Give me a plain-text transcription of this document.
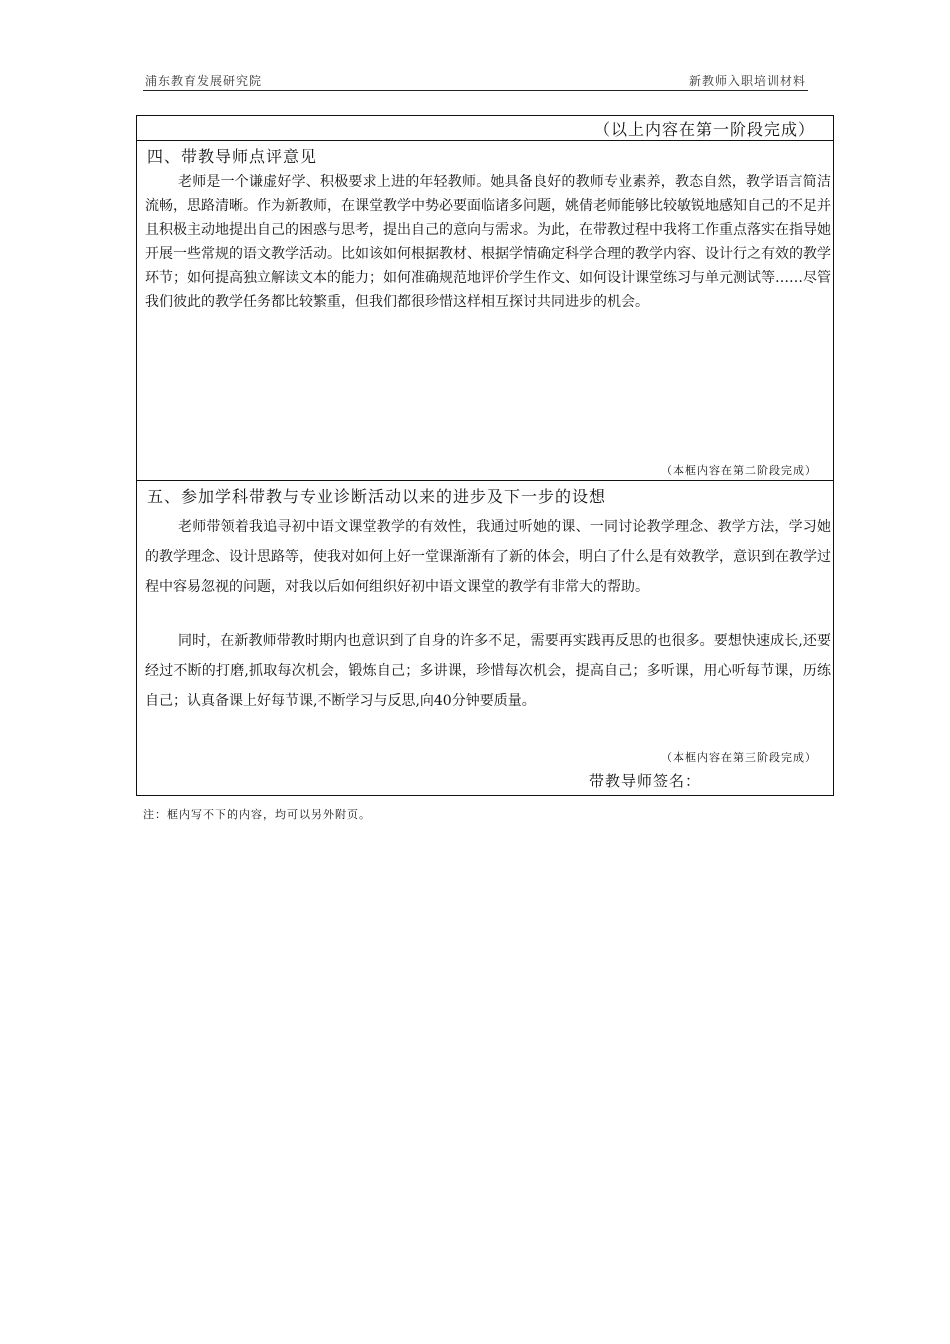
浦东教育发展研究院	新教师入职培训材料
（以上内容在第一阶段完成）
四、带教导师点评意见

老师是一个谦虚好学、积极要求上进的年轻教师。她具备良好的教师专业素养，教态自然，教学语言简洁流畅，思路清晰。作为新教师，在课堂教学中势必要面临诸多问题，姚倩老师能够比较敏锐地感知自己的不足并且积极主动地提出自己的困惑与思考，提出自己的意向与需求。为此，在带教过程中我将工作重点落实在指导她开展一些常规的语文教学活动。比如该如何根据教材、根据学情确定科学合理的教学内容、设计行之有效的教学环节；如何提高独立解读文本的能力；如何准确规范地评价学生作文、如何设计课堂练习与单元测试等……尽管我们彼此的教学任务都比较繁重，但我们都很珍惜这样相互探讨共同进步的机会。

（本框内容在第二阶段完成）
五、参加学科带教与专业诊断活动以来的进步及下一步的设想

老师带领着我追寻初中语文课堂教学的有效性，我通过听她的课、一同讨论教学理念、教学方法，学习她的教学理念、设计思路等，使我对如何上好一堂课渐渐有了新的体会，明白了什么是有效教学，意识到在教学过程中容易忽视的问题，对我以后如何组织好初中语文课堂的教学有非常大的帮助。

同时，在新教师带教时期内也意识到了自身的许多不足，需要再实践再反思的也很多。要想快速成长,还要经过不断的打磨,抓取每次机会，锻炼自己；多讲课，珍惜每次机会，提高自己；多听课，用心听每节课，历练自己；认真备课上好每节课,不断学习与反思,向40分钟要质量。

（本框内容在第三阶段完成）
带教导师签名：
注：框内写不下的内容，均可以另外附页。
